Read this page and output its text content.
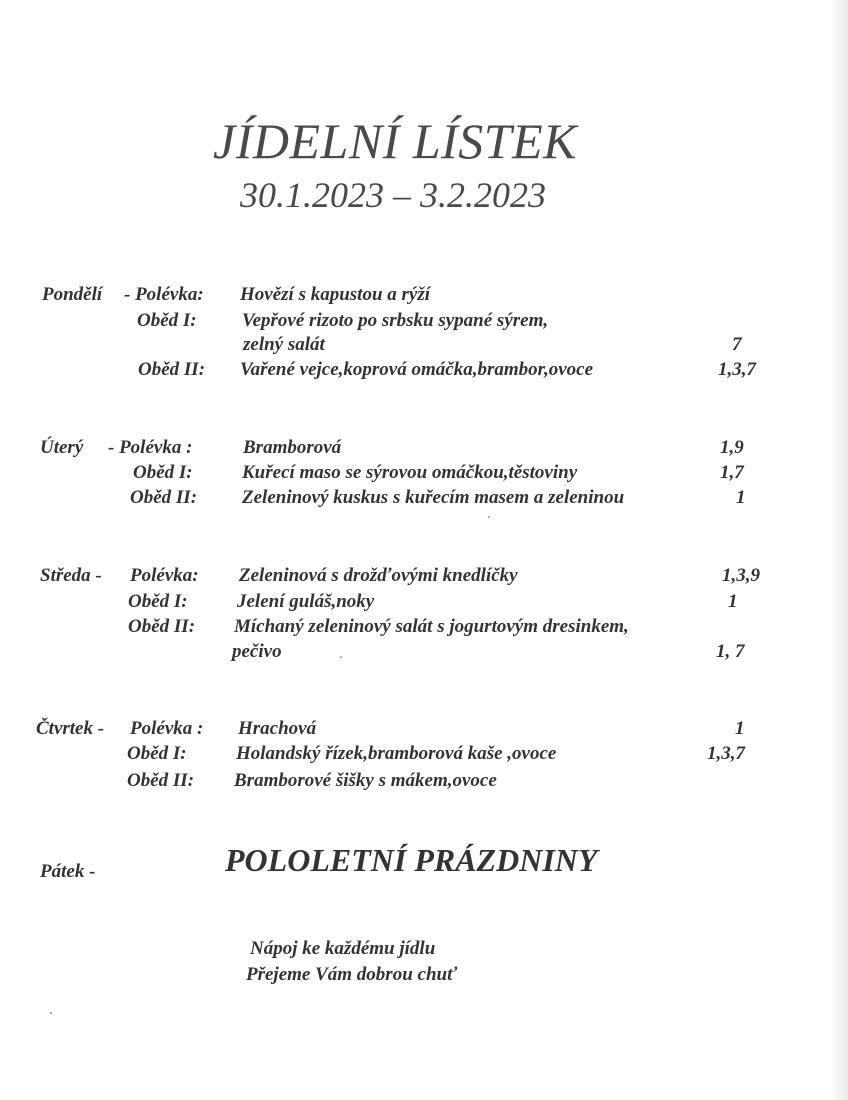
JÍDELNÍ LÍSTEK
30.1.2023 – 3.2.2023
Pondělí - Polévka: Hovězí s kapustou a rýží
Oběd I: Vepřové rizoto po srbsku sypané sýrem,
zelný salát	7
Oběd II: Vařené vejce,koprová omáčka,brambor,ovoce	1,3,7
Úterý - Polévka :	Bramborová	1,9
Oběd I:	Kuřecí maso se sýrovou omáčkou,těstoviny	1,7
Oběd II: Zeleninový kuskus s kuřecím masem a zeleninou	1
Středa - Polévka: Zeleninová s drožďovými knedlíčky	1,3,9
Oběd I:	Jelení guláš,noky	1
Oběd II: Míchaný zeleninový salát s jogurtovým dresinkem,
pečivo	1, 7
Čtvrtek - Polévka : Hrachová	1
Oběd I:	Holandský řízek,bramborová kaše ,ovoce	1,3,7
Oběd II: Bramborové šišky s mákem,ovoce
Pátek -	POLOLETNÍ PRÁZDNINY
Nápoj ke každému jídlu
Přejeme Vám dobrou chuť
